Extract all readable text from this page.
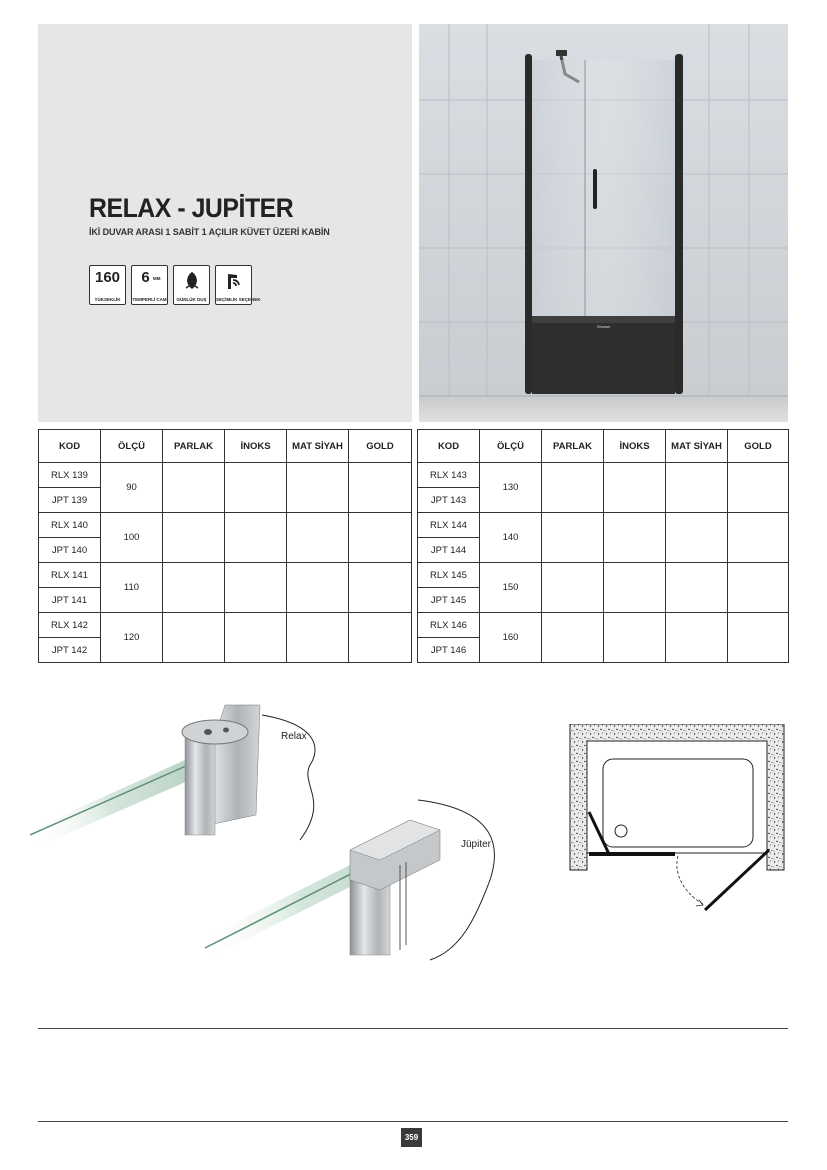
RELAX - JUPİTER
İKİ DUVAR ARASI 1 SABİT 1 AÇILIR KÜVET ÜZERİ KABİN
160
YÜKSEKLİK
6 MM
TEMPERLİ CAM	GÜNLÜK DUŞ	SEÇİMLİK SEÇENEK
Shower
KOD	ÖLÇÜ	PARLAK	İNOKS	MAT SİYAH	GOLD
RLX 139	90				
JPT 139					
RLX 140	100				
JPT 140					
RLX 141	110				
JPT 141					
RLX 142	120				
JPT 142					
KOD	ÖLÇÜ	PARLAK	İNOKS	MAT SİYAH	GOLD
RLX 143	130				
JPT 143					
RLX 144	140				
JPT 144					
RLX 145	150				
JPT 145					
RLX 146	160				
JPT 146					
Relax
Jüpiter
359
